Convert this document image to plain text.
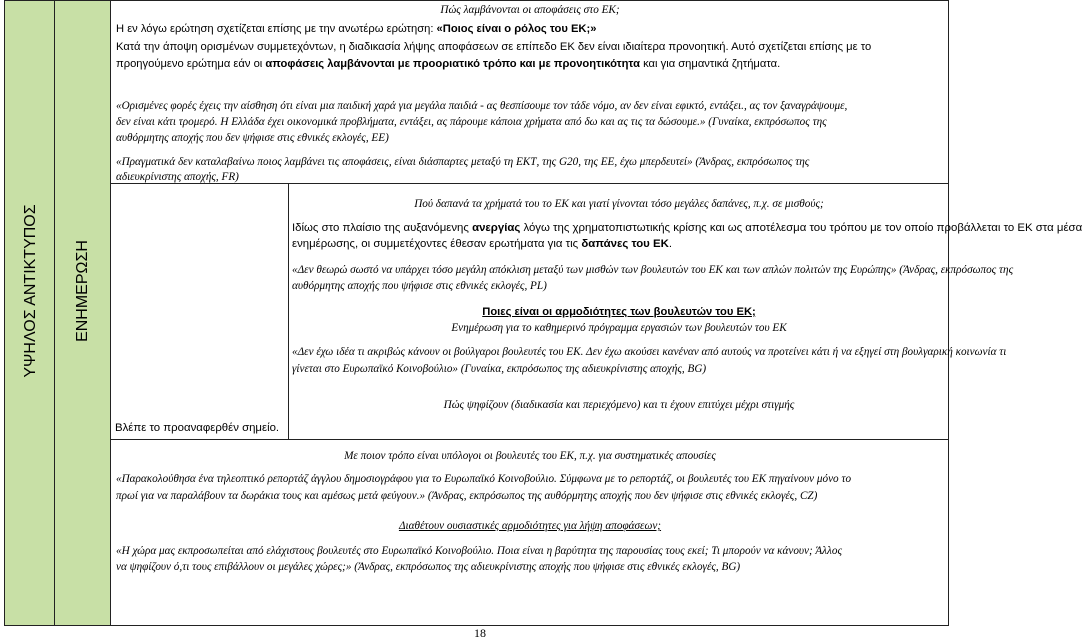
ΥΨΗΛΟΣ ΑΝΤΙΚΤΥΠΟΣ ΕΝΗΜΕΡΩΣΗ
Πώς λαμβάνονται οι αποφάσεις στο ΕΚ;
Η εν λόγω ερώτηση σχετίζεται επίσης με την ανωτέρω ερώτηση: «Ποιος είναι ο ρόλος του ΕΚ;»
Κατά την άποψη ορισμένων συμμετεχόντων, η διαδικασία λήψης αποφάσεων σε επίπεδο ΕΚ δεν είναι ιδιαίτερα προνοητική. Αυτό σχετίζεται επίσης με το
προηγούμενο ερώτημα εάν οι αποφάσεις λαμβάνονται με προοριατικό τρόπο και με προνοητικότητα και για σημαντικά ζητήματα.
«Ορισμένες φορές έχεις την αίσθηση ότι είναι μια παιδική χαρά για μεγάλα παιδιά - ας θεσπίσουμε τον τάδε νόμο, αν δεν είναι εφικτό, εντάξει., ας τον ξαναγράψουμε,
δεν είναι κάτι τρομερό. Η Ελλάδα έχει οικονομικά προβλήματα, εντάξει, ας πάρουμε κάποια χρήματα από δω και ας τις τα δώσουμε.» (Γυναίκα, εκπρόσωπος της
αυθόρμητης αποχής που δεν ψήφισε στις εθνικές εκλογές, EE)
«Πραγματικά δεν καταλαβαίνω ποιος λαμβάνει τις αποφάσεις, είναι διάσπαρτες μεταξύ τη ΕΚΤ, της G20, της ΕΕ, έχω μπερδευτεί» (Άνδρας, εκπρόσωπος της
αδιευκρίνιστης αποχής, FR)
Βλέπε το προαναφερθέν σημείο.
Πού δαπανά τα χρήματά του το ΕΚ και γιατί γίνονται τόσο μεγάλες δαπάνες, π.χ. σε μισθούς;
Ιδίως στο πλαίσιο της αυξανόμενης ανεργίας λόγω της χρηματοπιστωτικής κρίσης και ως αποτέλεσμα του τρόπου με τον οποίο προβάλλεται το ΕΚ στα μέσα
ενημέρωσης, οι συμμετέχοντες έθεσαν ερωτήματα για τις δαπάνες του ΕΚ.
«Δεν θεωρώ σωστό να υπάρχει τόσο μεγάλη απόκλιση μεταξύ των μισθών των βουλευτών του ΕΚ και των απλών πολιτών της Ευρώπης» (Άνδρας, εκπρόσωπος της
αυθόρμητης αποχής που ψήφισε στις εθνικές εκλογές, PL)
Ποιες είναι οι αρμοδιότητες των βουλευτών του ΕΚ;
Ενημέρωση για το καθημερινό πρόγραμμα εργασιών των βουλευτών του ΕΚ
«Δεν έχω ιδέα τι ακριβώς κάνουν οι βούλγαροι βουλευτές του ΕΚ. Δεν έχω ακούσει κανέναν από αυτούς να προτείνει κάτι ή να εξηγεί στη βουλγαρική κοινωνία τι
γίνεται στο Ευρωπαϊκό Κοινοβούλιο» (Γυναίκα, εκπρόσωπος της αδιευκρίνιστης αποχής, BG)
Πώς ψηφίζουν (διαδικασία και περιεχόμενο) και τι έχουν επιτύχει μέχρι στιγμής
Με ποιον τρόπο είναι υπόλογοι οι βουλευτές του ΕΚ, π.χ. για συστηματικές απουσίες
«Παρακολούθησα ένα τηλεοπτικό ρεπορτάζ άγγλου δημοσιογράφου για το Ευρωπαϊκό Κοινοβούλιο. Σύμφωνα με το ρεπορτάζ, οι βουλευτές του ΕΚ πηγαίνουν μόνο το
πρωί για να παραλάβουν τα δωράκια τους και αμέσως μετά φεύγουν.» (Άνδρας, εκπρόσωπος της αυθόρμητης αποχής που δεν ψήφισε στις εθνικές εκλογές, CZ)
Διαθέτουν ουσιαστικές αρμοδιότητες για λήψη αποφάσεων;
«Η χώρα μας εκπροσωπείται από ελάχιστους βουλευτές στο Ευρωπαϊκό Κοινοβούλιο. Ποια είναι η βαρύτητα της παρουσίας τους εκεί; Τι μπορούν να κάνουν; Άλλος
να ψηφίζουν ό,τι τους επιβάλλουν οι μεγάλες χώρες;» (Άνδρας, εκπρόσωπος της αδιευκρίνιστης αποχής που ψήφισε στις εθνικές εκλογές, BG)
18
